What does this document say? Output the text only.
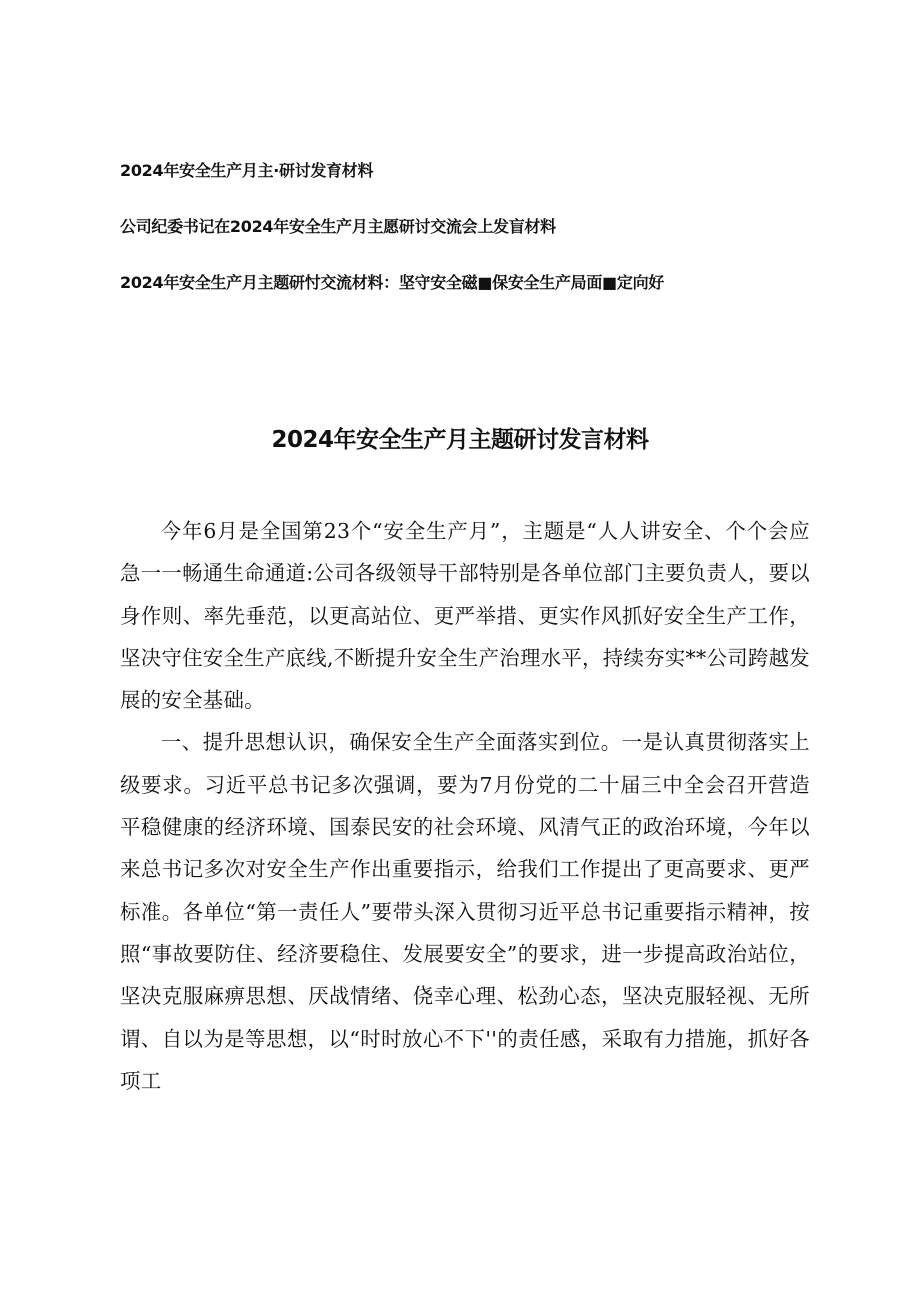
2024年安全生产月主·研讨发育材料

公司纪委书记在2024年安全生产月主愿研讨交流会上发盲材料

2024年安全生产月主题研忖交流材料：坚守安全磁■保安全生产局面■定向好

2024年安全生产月主题研讨发言材料

今年6月是全国第23个“安全生产月”，主题是“人人讲安全、个个会应急一一畅通生命通道:公司各级领导干部特别是各单位部门主要负责人，要以身作则、率先垂范，以更高站位、更严举措、更实作风抓好安全生产工作，坚决守住安全生产底线,不断提升安全生产治理水平，持续夯实**公司跨越发展的安全基础。

一、提升思想认识，确保安全生产全面落实到位。一是认真贯彻落实上级要求。习近平总书记多次强调，要为7月份党的二十届三中全会召开营造平稳健康的经济环境、国泰民安的社会环境、风清气正的政治环境，今年以来总书记多次对安全生产作出重要指示，给我们工作提出了更高要求、更严标准。各单位“第一责任人”要带头深入贯彻习近平总书记重要指示精神，按照“事故要防住、经济要稳住、发展要安全”的要求，进一步提高政治站位，坚决克服麻痹思想、厌战情绪、侥幸心理、松劲心态，坚决克服轻视、无所谓、自以为是等思想，以“时时放心不下''的责任感，采取有力措施，抓好各项工
